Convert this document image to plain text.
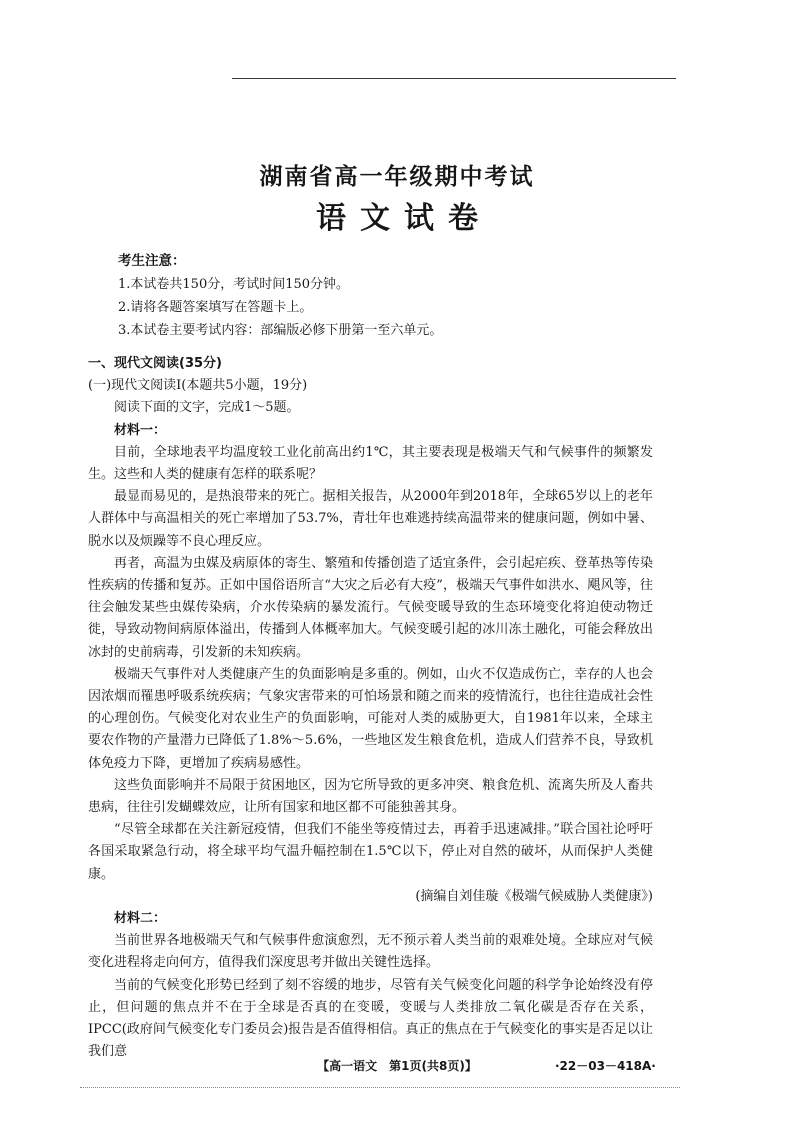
湖南省高一年级期中考试
语文试卷
考生注意：
1.本试卷共150分，考试时间150分钟。
2.请将各题答案填写在答题卡上。
3.本试卷主要考试内容：部编版必修下册第一至六单元。

一、现代文阅读(35分)

(一)现代文阅读Ⅰ(本题共5小题，19分)

阅读下面的文字，完成1～5题。

材料一：

目前，全球地表平均温度较工业化前高出约1℃，其主要表现是极端天气和气候事件的频繁发生。这些和人类的健康有怎样的联系呢？

最显而易见的，是热浪带来的死亡。据相关报告，从2000年到2018年，全球65岁以上的老年人群体中与高温相关的死亡率增加了53.7%，青壮年也难逃持续高温带来的健康问题，例如中暑、脱水以及烦躁等不良心理反应。

再者，高温为虫媒及病原体的寄生、繁殖和传播创造了适宜条件，会引起疟疾、登革热等传染性疾病的传播和复苏。正如中国俗语所言“大灾之后必有大疫”，极端天气事件如洪水、飓风等，往往会触发某些虫媒传染病，介水传染病的暴发流行。气候变暖导致的生态环境变化将迫使动物迁徙，导致动物间病原体溢出，传播到人体概率加大。气候变暖引起的冰川冻土融化，可能会释放出冰封的史前病毒，引发新的未知疾病。

极端天气事件对人类健康产生的负面影响是多重的。例如，山火不仅造成伤亡，幸存的人也会因浓烟而罹患呼吸系统疾病；气象灾害带来的可怕场景和随之而来的疫情流行，也往往造成社会性的心理创伤。气候变化对农业生产的负面影响，可能对人类的威胁更大，自1981年以来，全球主要农作物的产量潜力已降低了1.8%～5.6%，一些地区发生粮食危机，造成人们营养不良，导致机体免疫力下降，更增加了疾病易感性。

这些负面影响并不局限于贫困地区，因为它所导致的更多冲突、粮食危机、流离失所及人畜共患病，往往引发蝴蝶效应，让所有国家和地区都不可能独善其身。

“尽管全球都在关注新冠疫情，但我们不能坐等疫情过去，再着手迅速减排。”联合国社论呼吁各国采取紧急行动，将全球平均气温升幅控制在1.5℃以下，停止对自然的破坏，从而保护人类健康。

(摘编自刘佳璇《极端气候威胁人类健康》)

材料二：

当前世界各地极端天气和气候事件愈演愈烈，无不预示着人类当前的艰难处境。全球应对气候变化进程将走向何方，值得我们深度思考并做出关键性选择。

当前的气候变化形势已经到了刻不容缓的地步，尽管有关气候变化问题的科学争论始终没有停止，但问题的焦点并不在于全球是否真的在变暖，变暖与人类排放二氧化碳是否存在关系，IPCC(政府间气候变化专门委员会)报告是否值得相信。真正的焦点在于气候变化的事实是否足以让我们意

【高一语文　第1页(共8页)】	·22－03－418A·
